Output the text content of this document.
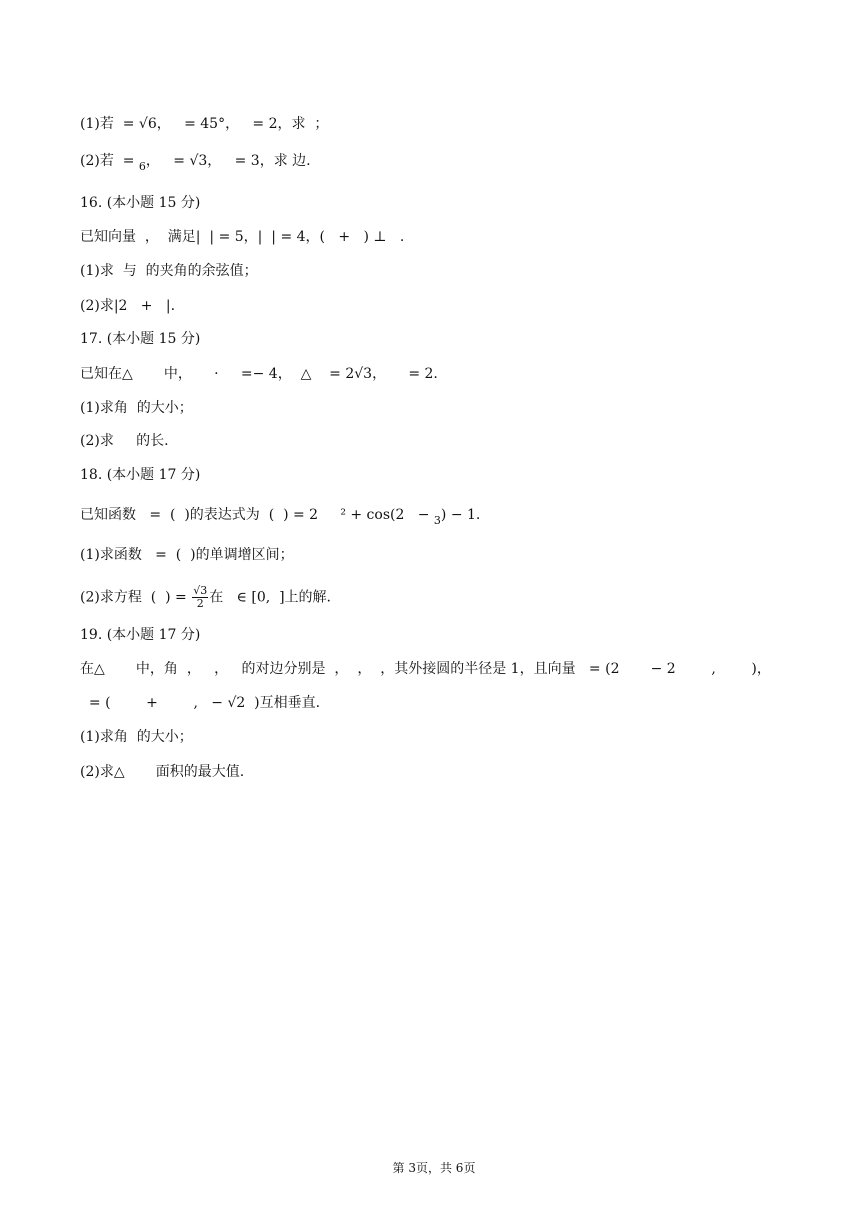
(1)若  = √6，   = 45°，   = 2，求  ；
(2)若  = 6，   = √3，   = 3，求 边.
16. (本小题 15 分)
已知向量  ，  满足|  | = 5，|  | = 4，(   +   ) ⊥   .
(1)求  与  的夹角的余弦值；
(2)求|2   +   |.
17. (本小题 15 分)
已知在△       中，     ·     =− 4，  △    = 2√3，     = 2.
(1)求角  的大小；
(2)求     的长.
18. (本小题 17 分)
已知函数   =  (  )的表达式为  (  ) = 2     ² + cos(2   − 3) − 1.
(1)求函数   =  (  )的单调增区间；
(2)求方程  (  ) = $\frac{√3}{2}$ 在   ∈ [0,  ]上的解.
19. (本小题 17 分)
在△       中，角  ，   ，   的对边分别是  ，  ，  ，其外接圆的半径是 1，且向量   = (2       − 2        ,        )，
= (        +        ,   − √2  )互相垂直.
(1)求角  的大小；
(2)求△       面积的最大值.
第 3页，共 6页
